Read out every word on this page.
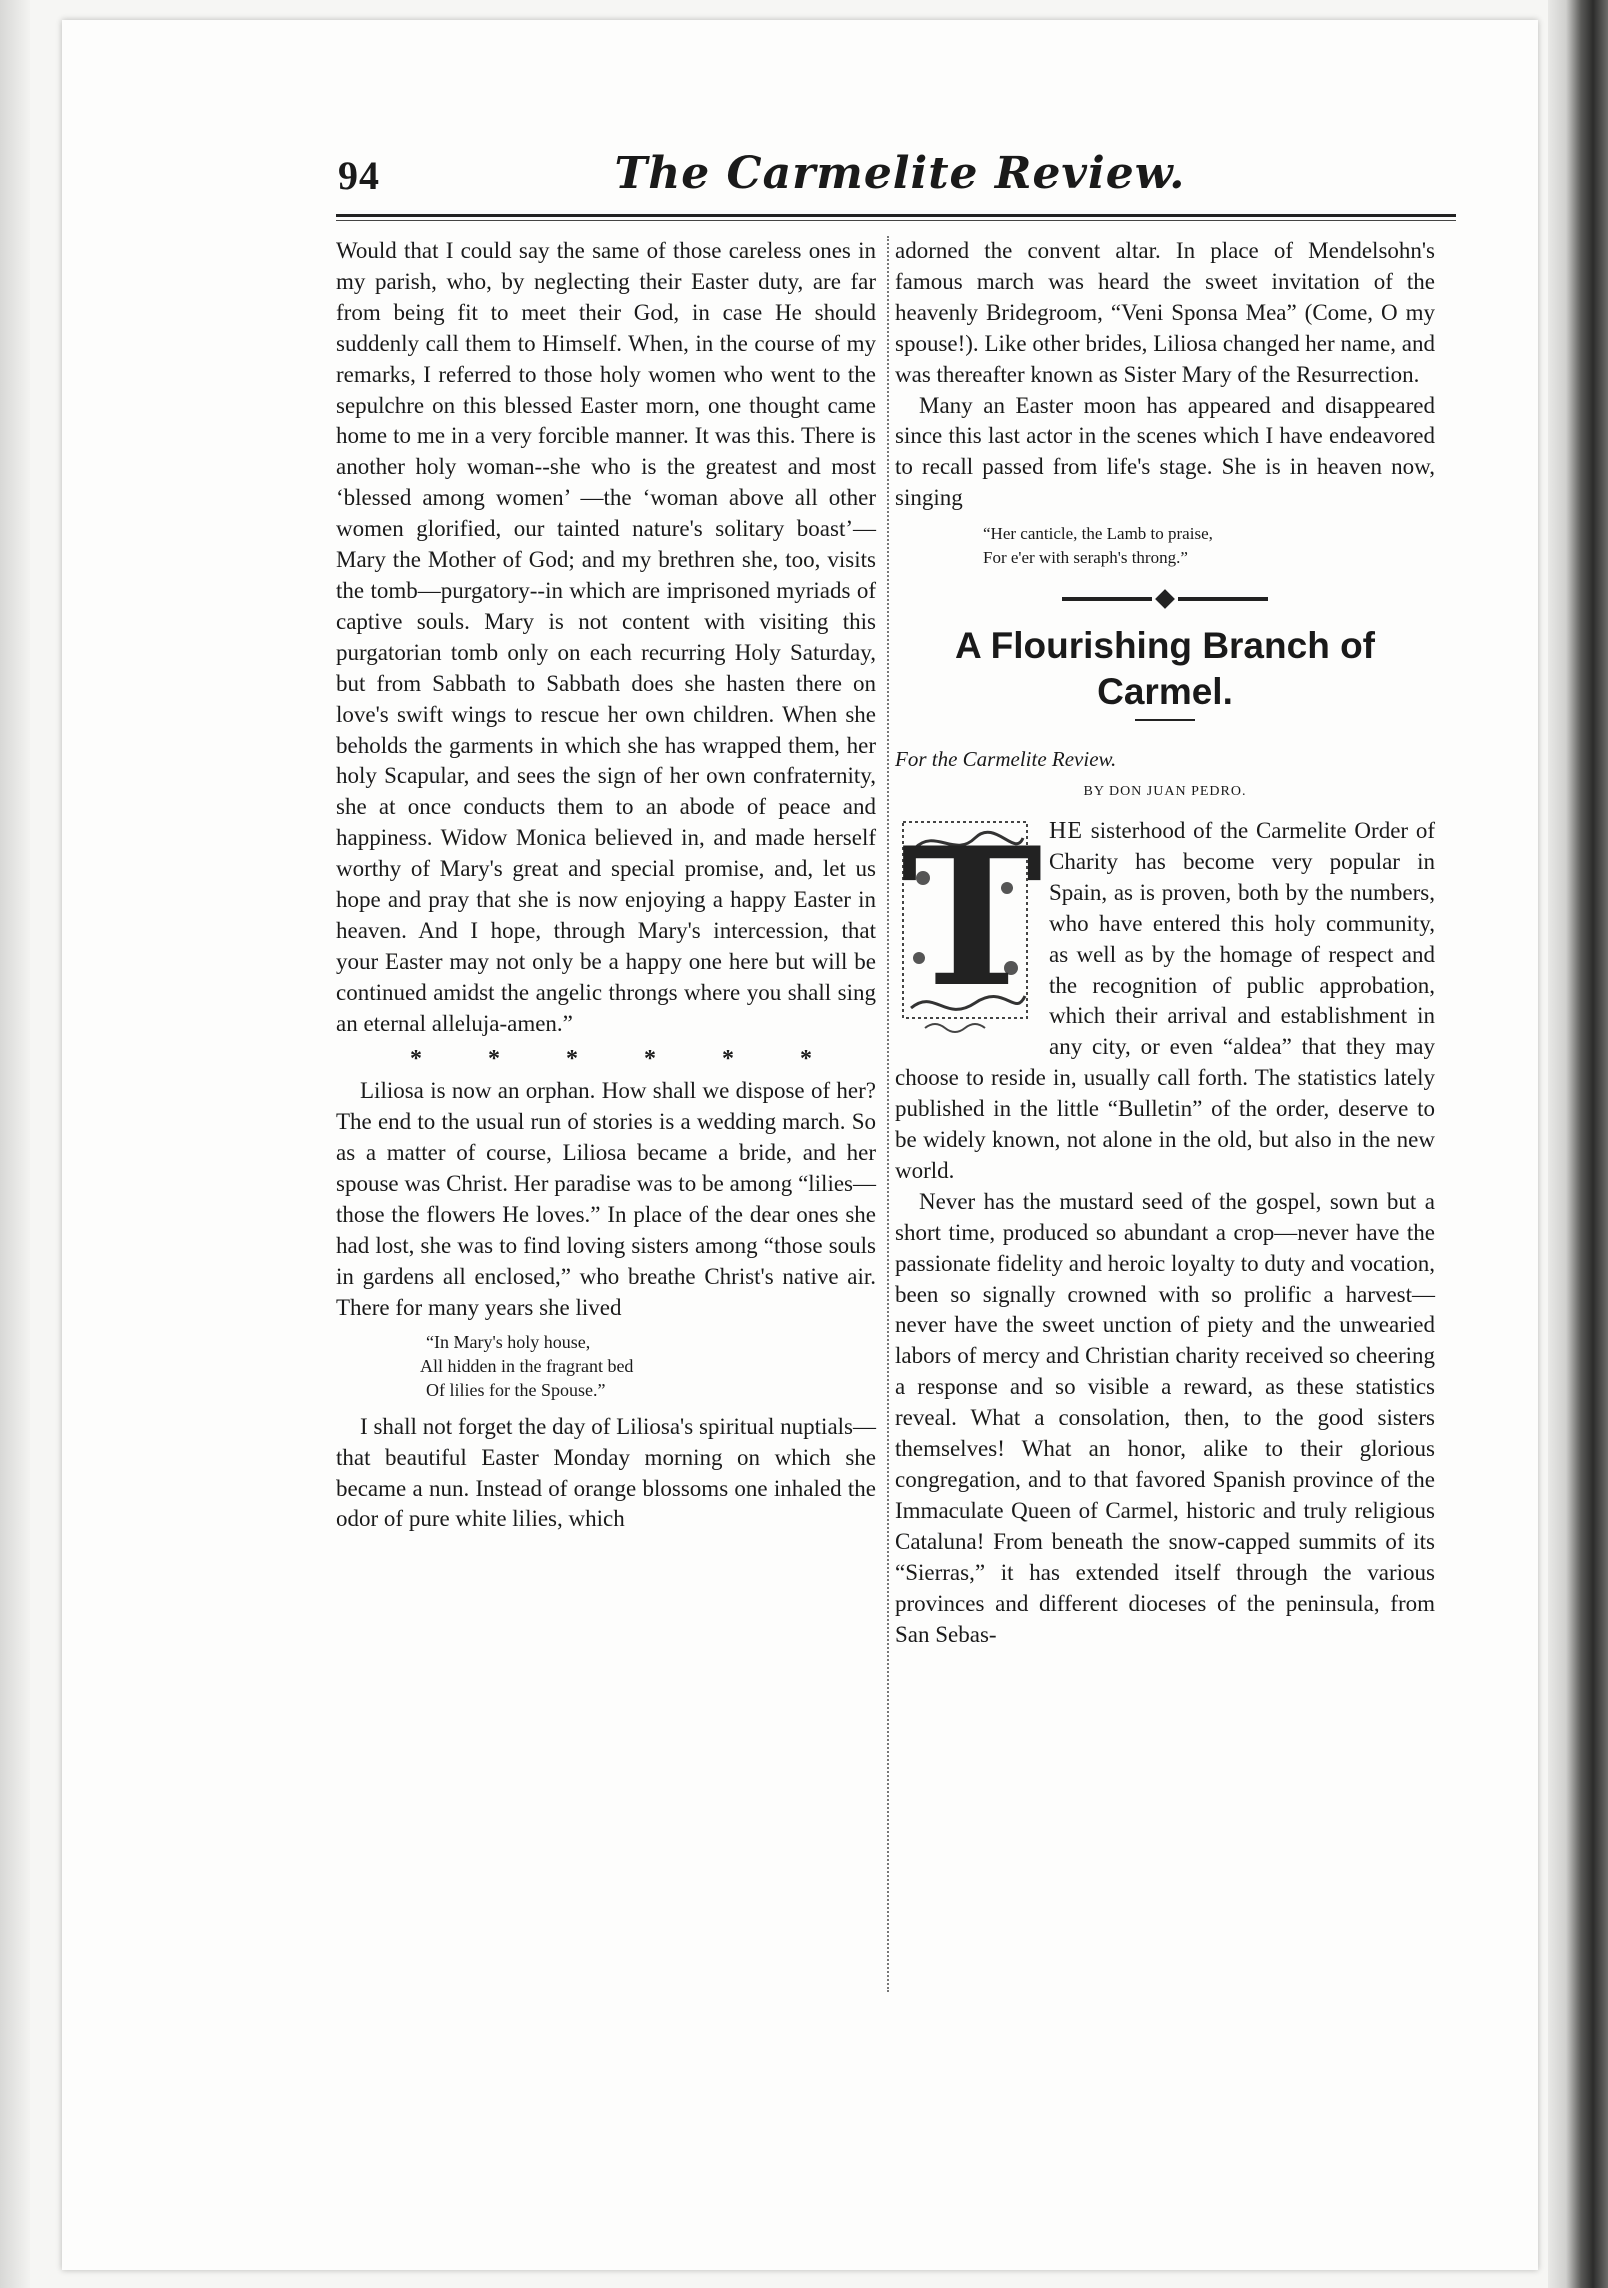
94	The Carmelite Review.

Would that I could say the same of those careless ones in my parish, who, by neglecting their Easter duty, are far from being fit to meet their God, in case He should suddenly call them to Himself. When, in the course of my remarks, I referred to those holy women who went to the sepulchre on this blessed Easter morn, one thought came home to me in a very forcible manner. It was this. There is another holy woman--she who is the greatest and most ‘blessed among women’ —the ‘woman above all other women glorified, our tainted nature's solitary boast’—Mary the Mother of God; and my brethren she, too, visits the tomb—purgatory--in which are imprisoned myriads of captive souls. Mary is not content with visiting this purgatorian tomb only on each recurring Holy Saturday, but from Sabbath to Sabbath does she hasten there on love's swift wings to rescue her own children. When she beholds the garments in which she has wrapped them, her holy Scapular, and sees the sign of her own confraternity, she at once conducts them to an abode of peace and happiness. Widow Monica believed in, and made herself worthy of Mary's great and special promise, and, let us hope and pray that she is now enjoying a happy Easter in heaven. And I hope, through Mary's intercession, that your Easter may not only be a happy one here but will be continued amidst the angelic throngs where you shall sing an eternal alleluja-amen.”

* * * * * *

Liliosa is now an orphan. How shall we dispose of her? The end to the usual run of stories is a wedding march. So as a matter of course, Liliosa became a bride, and her spouse was Christ. Her paradise was to be among “lilies—those the flowers He loves.” In place of the dear ones she had lost, she was to find loving sisters among “those souls in gardens all enclosed,” who breathe Christ's native air. There for many years she lived

“In Mary's holy house,
All hidden in the fragrant bed
Of lilies for the Spouse.”

I shall not forget the day of Liliosa's spiritual nuptials—that beautiful Easter Monday morning on which she became a nun. Instead of orange blossoms one inhaled the odor of pure white lilies, which

adorned the convent altar. In place of Mendelsohn's famous march was heard the sweet invitation of the heavenly Bridegroom, “Veni Sponsa Mea” (Come, O my spouse!). Like other brides, Liliosa changed her name, and was thereafter known as Sister Mary of the Resurrection.

Many an Easter moon has appeared and disappeared since this last actor in the scenes which I have endeavored to recall passed from life's stage. She is in heaven now, singing

“Her canticle, the Lamb to praise,
For e'er with seraph's throng.”
A Flourishing Branch of Carmel.
For the Carmelite Review.
BY DON JUAN PEDRO.
T HE sisterhood of the Carmelite Order of Charity has become very popular in Spain, as is proven, both by the numbers, who have entered this holy community, as well as by the homage of respect and the recognition of public approbation, which their arrival and establishment in any city, or even “aldea” that they may choose to reside in, usually call forth. The statistics lately published in the little “Bulletin” of the order, deserve to be widely known, not alone in the old, but also in the new world.

Never has the mustard seed of the gospel, sown but a short time, produced so abundant a crop—never have the passionate fidelity and heroic loyalty to duty and vocation, been so signally crowned with so prolific a harvest—never have the sweet unction of piety and the unwearied labors of mercy and Christian charity received so cheering a response and so visible a reward, as these statistics reveal. What a consolation, then, to the good sisters themselves! What an honor, alike to their glorious congregation, and to that favored Spanish province of the Immaculate Queen of Carmel, historic and truly religious Cataluna! From beneath the snow-capped summits of its “Sierras,” it has extended itself through the various provinces and different dioceses of the peninsula, from San Sebas-
